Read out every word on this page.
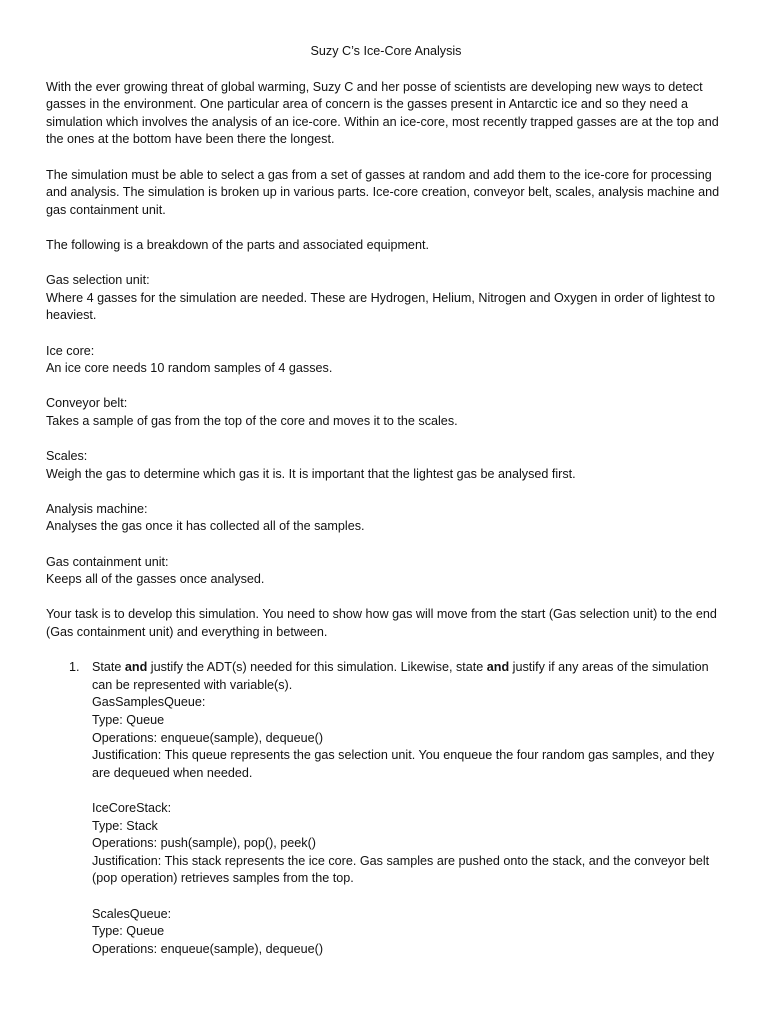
Suzy C’s Ice-Core Analysis

With the ever growing threat of global warming, Suzy C and her posse of scientists are developing new ways to detect gasses in the environment. One particular area of concern is the gasses present in Antarctic ice and so they need a simulation which involves the analysis of an ice-core. Within an ice-core, most recently trapped gasses are at the top and the ones at the bottom have been there the longest.

The simulation must be able to select a gas from a set of gasses at random and add them to the ice-core for processing and analysis. The simulation is broken up in various parts. Ice-core creation, conveyor belt, scales, analysis machine and gas containment unit.

The following is a breakdown of the parts and associated equipment.

Gas selection unit:

Where 4 gasses for the simulation are needed. These are Hydrogen, Helium, Nitrogen and Oxygen in order of lightest to heaviest.

Ice core:

An ice core needs 10 random samples of 4 gasses.

Conveyor belt:

Takes a sample of gas from the top of the core and moves it to the scales.

Scales:

Weigh the gas to determine which gas it is. It is important that the lightest gas be analysed first.

Analysis machine:

Analyses the gas once it has collected all of the samples.

Gas containment unit:

Keeps all of the gasses once analysed.

Your task is to develop this simulation. You need to show how gas will move from the start (Gas selection unit) to the end (Gas containment unit) and everything in between.

1. State and justify the ADT(s) needed for this simulation. Likewise, state and justify if any areas of the simulation can be represented with variable(s).

GasSamplesQueue:

Type: Queue

Operations: enqueue(sample), dequeue()

Justification: This queue represents the gas selection unit. You enqueue the four random gas samples, and they are dequeued when needed.

IceCoreStack:

Type: Stack

Operations: push(sample), pop(), peek()

Justification: This stack represents the ice core. Gas samples are pushed onto the stack, and the conveyor belt (pop operation) retrieves samples from the top.

ScalesQueue:

Type: Queue

Operations: enqueue(sample), dequeue()
